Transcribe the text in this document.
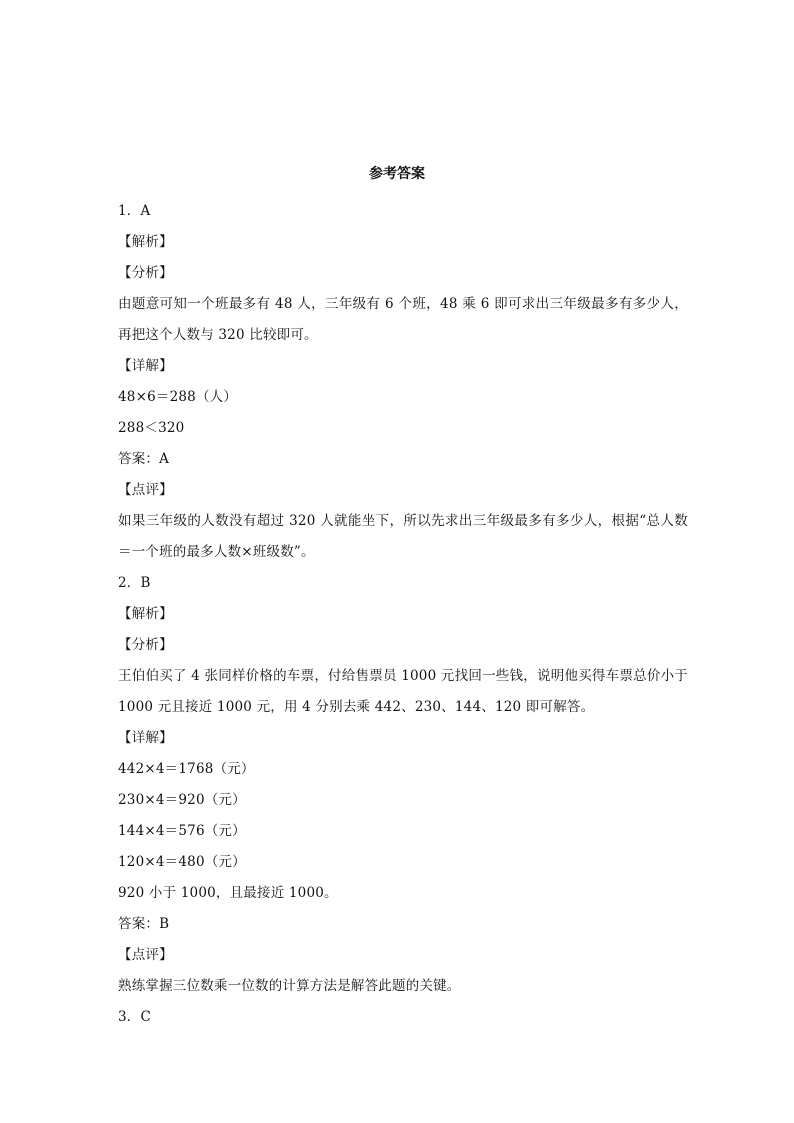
参考答案
1．A
【解析】
【分析】
由题意可知一个班最多有 48 人，三年级有 6 个班，48 乘 6 即可求出三年级最多有多少人，再把这个人数与 320 比较即可。
【详解】
48×6＝288（人）
288＜320
答案：A
【点评】
如果三年级的人数没有超过 320 人就能坐下，所以先求出三年级最多有多少人，根据“总人数＝一个班的最多人数×班级数”。
2．B
【解析】
【分析】
王伯伯买了 4 张同样价格的车票，付给售票员 1000 元找回一些钱，说明他买得车票总价小于 1000 元且接近 1000 元，用 4 分别去乘 442、230、144、120 即可解答。
【详解】
442×4＝1768（元）
230×4＝920（元）
144×4＝576（元）
120×4＝480（元）
920 小于 1000，且最接近 1000。
答案：B
【点评】
熟练掌握三位数乘一位数的计算方法是解答此题的关键。
3．C
